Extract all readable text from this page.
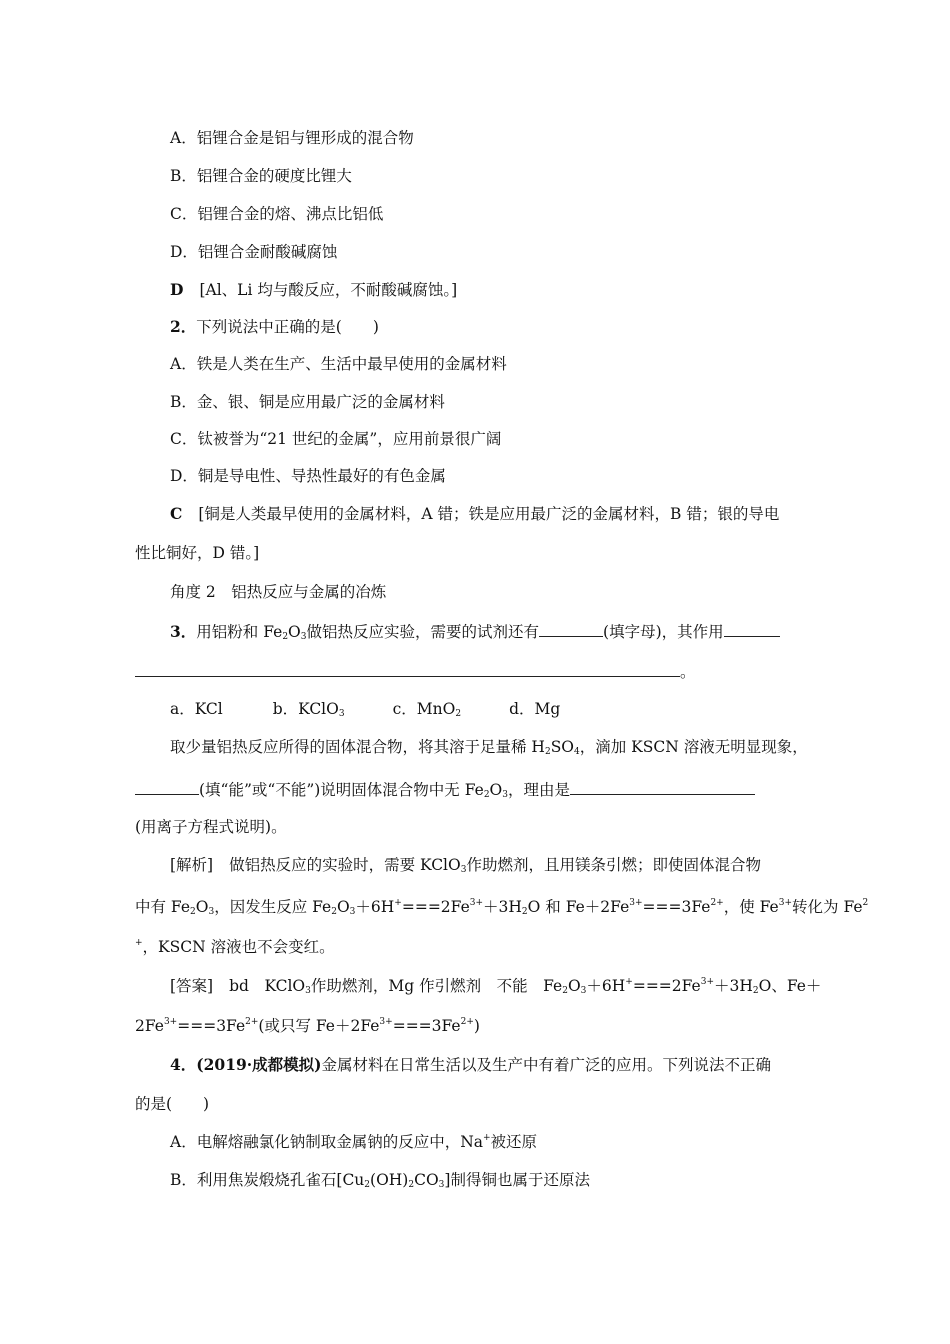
A．铝锂合金是铝与锂形成的混合物
B．铝锂合金的硬度比锂大
C．铝锂合金的熔、沸点比铝低
D．铝锂合金耐酸碱腐蚀
D [Al、Li 均与酸反应，不耐酸碱腐蚀。]
2．下列说法中正确的是(　　)
A．铁是人类在生产、生活中最早使用的金属材料
B．金、银、铜是应用最广泛的金属材料
C．钛被誉为“21 世纪的金属”，应用前景很广阔
D．铜是导电性、导热性最好的有色金属
C [铜是人类最早使用的金属材料，A 错；铁是应用最广泛的金属材料，B 错；银的导电
性比铜好，D 错。]
角度 2　铝热反应与金属的冶炼
3．用铝粉和 $Fe_2O_3$做铝热反应实验，需要的试剂还有	(填字母)，其作用
。
a．KCl	b．KClO$_3$	c．MnO$_2$	d．Mg
取少量铝热反应所得的固体混合物，将其溶于足量稀 $H_2SO_4$，滴加 KSCN 溶液无明显现象，
(填“能”或“不能”)说明固体混合物中无 $Fe_2O_3$，理由是
(用离子方程式说明)。
[解析] 做铝热反应的实验时，需要 KClO$_3$作助燃剂，且用镁条引燃；即使固体混合物
中有 $Fe_2O_3$，因发生反应 $Fe_2O_3+6H^+===2Fe^{3+}+3H_2O$ 和 $Fe+2Fe^{3+}===3Fe^{2+}$，使 $Fe^{3+}$转化为 Fe$^2$
+，KSCN 溶液也不会变红。
[答案] bd　KClO$_3$作助燃剂，Mg 作引燃剂　不能　$Fe_2O_3+6H^+===2Fe^{3+}+3H_2O$、Fe＋
$2Fe^{3+}===3Fe^{2+}$(或只写 $Fe+2Fe^{3+}===3Fe^{2+}$)
4．(2019·成都模拟)金属材料在日常生活以及生产中有着广泛的应用。下列说法不正确
的是(　　)
A．电解熔融氯化钠制取金属钠的反应中，Na+被还原
B．利用焦炭煅烧孔雀石$[Cu_2(OH)_2CO_3]$制得铜也属于还原法
